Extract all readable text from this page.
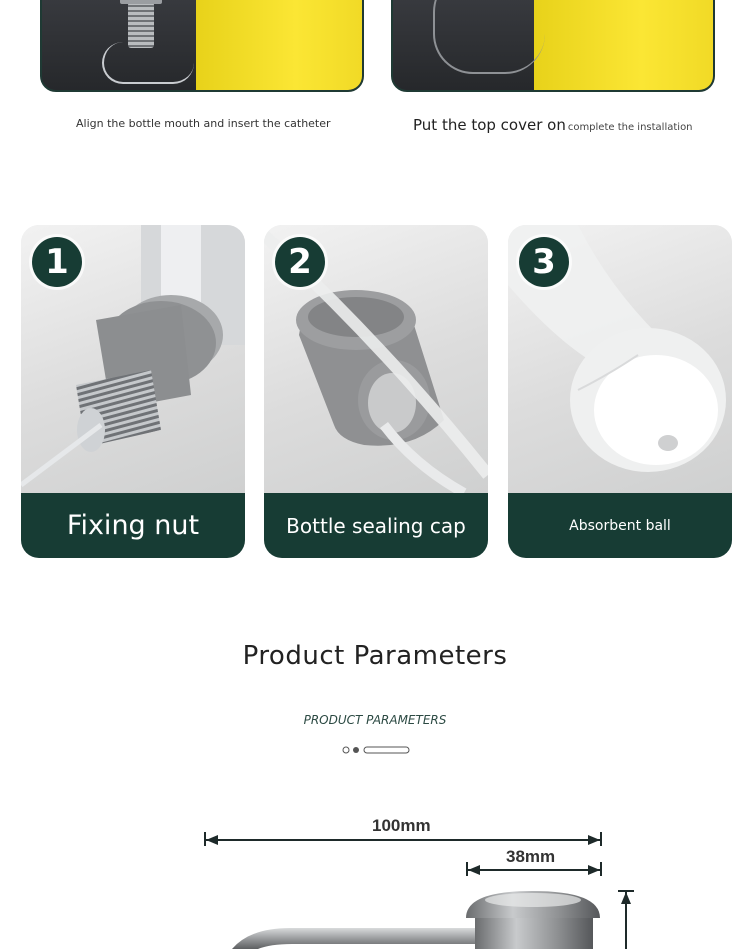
Align the bottle mouth and insert the catheter	Put the top cover on complete the installation
1
Fixing nut
2
Bottle sealing cap
3
Absorbent ball
Product Parameters
PRODUCT PARAMETERS
100mm
38mm
